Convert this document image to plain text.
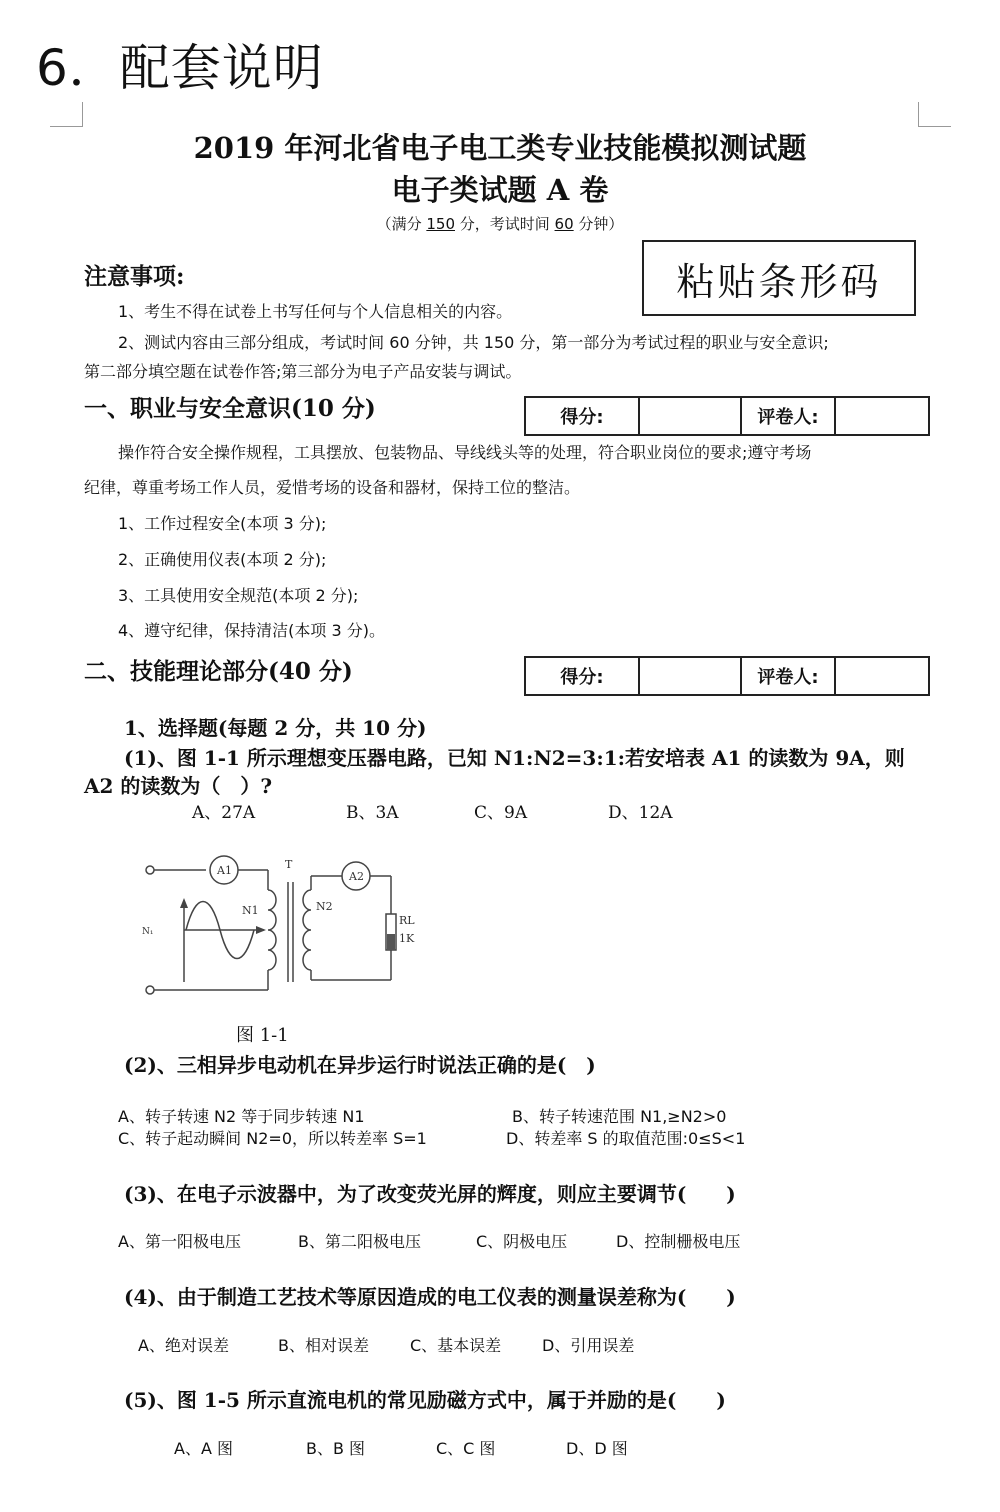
6．配套说明
2019 年河北省电子电工类专业技能模拟测试题
电子类试题 A 卷
（满分 150 分，考试时间 60 分钟）
粘贴条形码
注意事项:
1、考生不得在试卷上书写任何与个人信息相关的内容。
2、测试内容由三部分组成，考试时间 60 分钟，共 150 分，第一部分为考试过程的职业与安全意识;
第二部分填空题在试卷作答;第三部分为电子产品安装与调试。
一、职业与安全意识(10 分)	得分:		评卷人:	
操作符合安全操作规程，工具摆放、包装物品、导线线头等的处理，符合职业岗位的要求;遵守考场
纪律，尊重考场工作人员，爱惜考场的设备和器材，保持工位的整洁。
1、工作过程安全(本项 3 分);
2、正确使用仪表(本项 2 分);
3、工具使用安全规范(本项 2 分);
4、遵守纪律，保持清洁(本项 3 分)。
二、技能理论部分(40 分)	得分:		评卷人:	
1、选择题(每题 2 分，共 10 分)
(1)、图 1-1 所示理想变压器电路，已知 N1:N2=3:1:若安培表 A1 的读数为 9A，则
A2 的读数为（　）?
A、27A	B、3A	C、9A	D、12A
A1	A2
T
N1	N2
RL
1K
N₁
图 1-1
(2)、三相异步电动机在异步运行时说法正确的是(　)
A、转子转速 N2 等于同步转速 N1	B、转子转速范围 N1,≥N2>0
C、转子起动瞬间 N2=0，所以转差率 S=1	D、转差率 S 的取值范围:0≤S<1
(3)、在电子示波器中，为了改变荧光屏的辉度，则应主要调节(　　)
A、第一阳极电压	B、第二阳极电压	C、阴极电压	D、控制栅极电压
(4)、由于制造工艺技术等原因造成的电工仪表的测量误差称为(　　)
A、绝对误差	B、相对误差	C、基本误差	D、引用误差
(5)、图 1-5 所示直流电机的常见励磁方式中，属于并励的是(　　)
A、A 图	B、B 图	C、C 图	D、D 图
